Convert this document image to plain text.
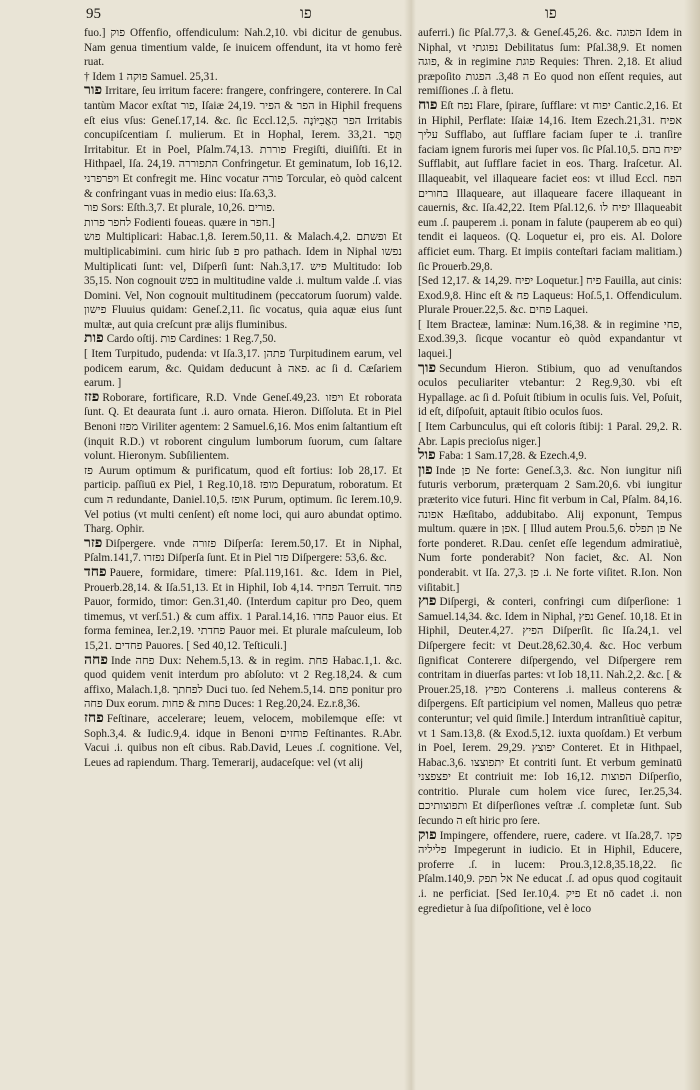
95	פו	פו

fuo.] פוק Offenfio, offendiculum: Nah.2,10. vbi dicitur de genubus. Nam genua timentium valde, ſe inuicem offendunt, ita vt homo ferè ruat.

† Idem פוקה 1 Samuel. 25,31.

פור Irritare, ſeu irritum facere: frangere, confringere, conterere. In Cal tantùm Macor exſtat פור, Iſaiæ 24,19. הפר & הפיר in Hiphil frequens eſt eius vſus: Geneſ.17,14. &c. ſic Eccl.12,5. הפר הַאֲבִיּוֹנָה Irritabis concupiſcentiam ſ. mulierum. Et in Hophal, Ierem. 33,21. תֻּפַר Irritabitur. Et in Poel, Pſalm.74,13. פוררת Fregiſti, diuiſiſti. Et in Hithpael, Iſa. 24,19. התפוררה Confringetur. Et geminatum, Iob 16,12. ויפרפרני Et confregit me. Hinc vocatur פורה Torcular, eò quòd calcent & confringant vuas in medio eius: Iſa.63,3.

פור Sors: Eſth.3,7. Et plurale, 10,26. פורים.

לחפר פרות Fodienti foueas. quære in חפר.]

פוש Multiplicari: Habac.1,8. Ierem.50,11. & Malach.4,2. ופשתם Et multiplicabimini. cum hiric ſub פ pro pathach. Idem in Niphal נפשו Multiplicati ſunt: vel, Diſperſi ſunt: Nah.3,17. פיש Multitudo: Iob 35,15. Non cognouit בפש in multitudine valde .i. multum valde .ſ. vias Domini. Vel, Non cognouit multitudinem (peccatorum ſuorum) valde. פישון Fluuius quidam: Geneſ.2,11. ſic vocatus, quia aquæ eius ſunt multæ, aut quia creſcunt præ alijs fluminibus.

פות Cardo oſtij. פות Cardines: 1 Reg.7,50.

[ Item Turpitudo, pudenda: vt Iſa.3,17. פתהן Turpitudinem earum, vel podicem earum, &c. Quidam deducunt à פאה. ac ſi d. Cæſariem earum. ]

פזז Roborare, fortificare, R.D. Vnde Geneſ.49,23. ויפזו Et roborata ſunt. Q. Et deaurata ſunt .i. auro ornata. Hieron. Diſſoluta. Et in Piel Benoni מפזז Viriliter agentem: 2 Samuel.6,16. Mos enim ſaltantium eſt (inquit R.D.) vt roborent cingulum lumborum ſuorum, cum ſaltare volunt. Hieronym. Subſilientem.

פז Aurum optimum & purificatum, quod eſt fortius: Iob 28,17. Et particip. paſſiuū ex Piel, 1 Reg.10,18. מופז Depuratum, roboratum. Et cum ה redundante, Daniel.10,5. אופז Purum, optimum. ſic Ierem.10,9. Vel potius (vt multi cenſent) eſt nome loci, qui auro abundat optimo. Tharg. Ophir.

פזר Diſpergere. vnde פזורה Diſperſa: Ierem.50,17. Et in Niphal, Pſalm.141,7. נפזרו Diſperſa ſunt. Et in Piel פזר Diſpergere: 53,6. &c.

פחד Pauere, formidare, timere: Pſal.119,161. &c. Idem in Piel, Prouerb.28,14. & Iſa.51,13. Et in Hiphil, Iob 4,14. הפחיד Terruit. פחד Pauor, formido, timor: Gen.31,40. (Interdum capitur pro Deo, quem timemus, vt verſ.51.) & cum affix. 1 Paral.14,16. פחדו Pauor eius. Et forma feminea, Ier.2,19. פחדתי Pauor mei. Et plurale maſculeum, Iob 15,21. פחדים Pauores. [ Sed 40,12. Teſticuli.]

פחה Inde פחה Dux: Nehem.5,13. & in regim. פחת Habac.1,1. &c. quod quidem venit interdum pro abſoluto: vt 2 Reg.18,24. & cum affixo, Malach.1,8. לפחתך Duci tuo. ſed Nehem.5,14. פחם ponitur pro פחה Dux eorum. פחות & פחות Duces: 1 Reg.20,24. Ez.r.8,36.

פחז Feſtinare, accelerare; leuem, velocem, mobilemque eſſe: vt Soph.3,4. & Iudic.9,4. idque in Benoni פוחזים Feſtinantes. R.Abr. Vacui .i. quibus non eſt cibus. Rab.David, Leues .ſ. cognitione. Vel, Leues ad rapiendum. Tharg. Temerarij, audaceſque: vel (vt alij

auferri.) ſic Pſal.77,3. & Geneſ.45,26. &c. הפוגה Idem in Niphal, vt נפוגתי Debilitatus ſum: Pſal.38,9. Et nomen פוגה, & in regimine פוגת Requies: Thren. 2,18. Et aliud præpoſito ה 3,48. הפגות Eo quod non eſſent requies, aut remiſſiones .ſ. à fletu.

פוח Eſt נפח Flare, ſpirare, ſufflare: vt יפוח Cantic.2,16. Et in Hiphil, Perflate: Iſaiæ 14,16. Item Ezech.21,31. אפיח עליך Sufflabo, aut ſufflare faciam ſuper te .i. tranſire faciam ignem furoris mei ſuper vos. ſic Pſal.10,5. יפיח בהם Sufflabit, aut ſufflare faciet in eos. Tharg. Iraſcetur. Al. Illaqueabit, vel illaqueare faciet eos: vt illud Eccl. הפח בחורים Illaqueare, aut illaqueare facere illaqueant in cauernis, &c. Iſa.42,22. Item Pſal.12,6. יפיח לו Illaqueabit eum .ſ. pauperem .i. ponam in falute (pauperem ab eo qui) tendit ei laqueos. (Q. Loquetur ei, pro eis. Al. Dolore afficiet eum. Tharg. Et impiis conteſtari faciam malitiam.) ſic Prouerb.29,8.

[Sed 12,17. & 14,29. יפיח Loquetur.] פיח Fauilla, aut cinis: Exod.9,8. Hinc eſt & פח Laqueus: Hoſ.5,1. Offendiculum. Plurale Prouer.22,5. &c. פחים Laquei.

[ Item Bracteæ, laminæ: Num.16,38. & in regimine פחי, Exod.39,3. ſicque vocantur eò quòd expandantur vt laquei.]

פוך Secundum Hieron. Stibium, quo ad venuſtandos oculos peculiariter vtebantur: 2 Reg.9,30. vbi eſt Hypallage. ac ſi d. Poſuit ſtibium in oculis ſuis. Vel, Poſuit, id eſt, diſpoſuit, aptauit ſtibio oculos ſuos.

[ Item Carbunculus, qui eſt coloris ſtibij: 1 Paral. 29,2. R. Abr. Lapis precioſus niger.]

פול Faba: 1 Sam.17,28. & Ezech.4,9.

פון Inde פן Ne forte: Geneſ.3,3. &c. Non iungitur niſi futuris verborum, præterquam 2 Sam.20,6. vbi iungitur præterito vice futuri. Hinc fit verbum in Cal, Pſalm. 84,16. אפונה Hæſitabo, addubitabo. Alij exponunt, Tempus multum. quære in אפן. [ Illud autem Prou.5,6. פן תפלס Ne forte ponderet. R.Dau. cenſet eſſe legendum admiratiuè, Num forte ponderabit? Non faciet, &c. Al. Non ponderabit. vt Iſa. 27,3. פן .i. Ne forte viſitet. R.Ion. Non viſitabit.]

פוץ Diſpergi, & conteri, confringi cum diſperſione: 1 Samuel.14,34. &c. Idem in Niphal, נפץ Geneſ. 10,18. Et in Hiphil, Deuter.4,27. הפיץ Diſperſit. ſic Iſa.24,1. vel Diſpergere fecit: vt Deut.28,62.30,4. &c. Hoc verbum ſignificat Conterere diſpergendo, vel Diſpergere rem contritam in diuerſas partes: vt Iob 18,11. Nah.2,2. &c. [ & Prouer.25,18. מפיץ Conterens .i. malleus conterens & diſpergens. Eſt participium vel nomen, Malleus quo petræ conteruntur; vel quid ſimile.] Interdum intranſitiuè capitur, vt 1 Sam.13,8. (& Exod.5,12. iuxta quoſdam.) Et verbum in Poel, Ierem. 29,29. יפוצץ Conteret. Et in Hithpael, Habac.3,6. יתפוצצו Et contriti ſunt. Et verbum geminatū יפצפצני Et contriuit me: Iob 16,12. הפוצות Diſperſio, contritio. Plurale cum holem vice ſurec, Ier.25,34. ותפוצותיכם Et diſperſiones veſtræ .ſ. completæ ſunt. Sub ſecundo ה eſt hiric pro ſere.

פוק Impingere, offendere, ruere, cadere. vt Iſa.28,7. פקו פליליה Impegerunt in iudicio. Et in Hiphil, Educere, proferre .ſ. in lucem: Prou.3,12.8,35.18,22. ſic Pſalm.140,9. אל תפק Ne educat .ſ. ad opus quod cogitauit .i. ne perficiat. [Sed Ier.10,4. פיק Et nō cadet .i. non egredietur à ſua diſpoſitione, vel è loco
